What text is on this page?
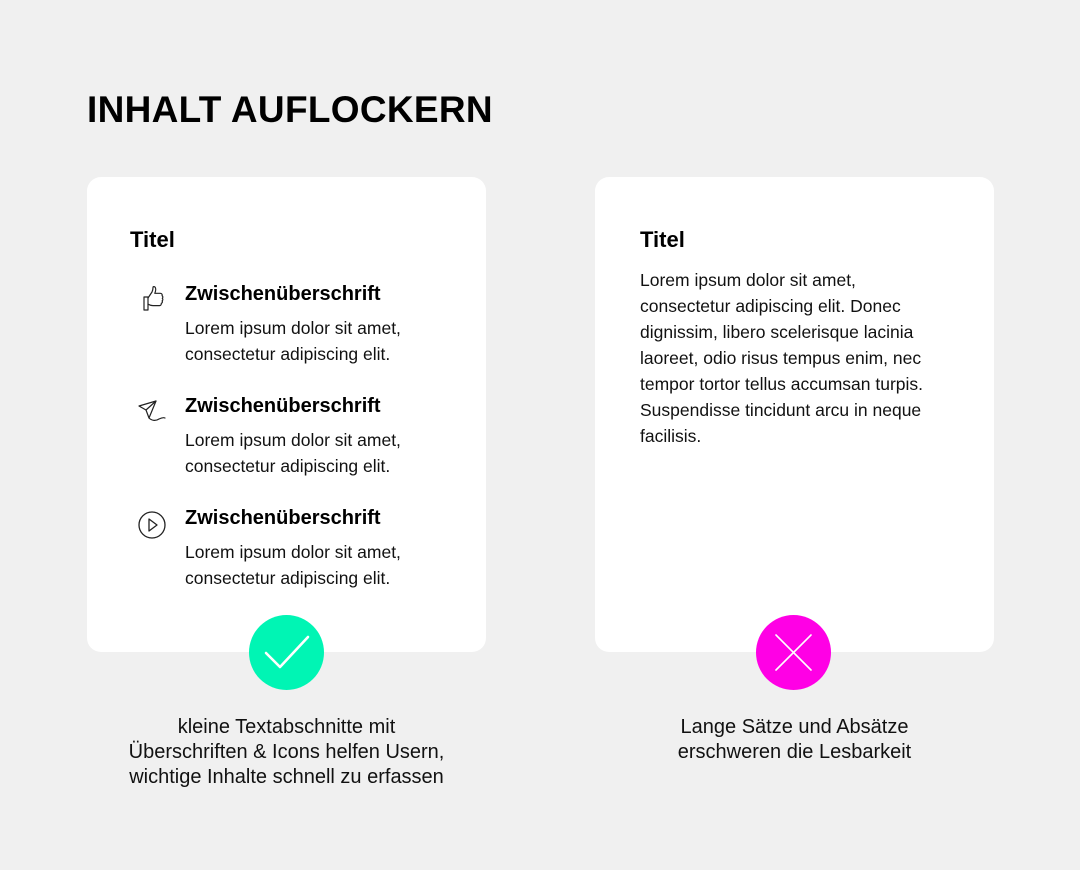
INHALT AUFLOCKERN
Titel
Zwischenüberschrift
Lorem ipsum dolor sit amet, consectetur adipiscing elit.
Zwischenüberschrift
Lorem ipsum dolor sit amet, consectetur adipiscing elit.
Zwischenüberschrift
Lorem ipsum dolor sit amet, consectetur adipiscing elit.
Titel

Lorem ipsum dolor sit amet, consectetur adipiscing elit. Donec dignissim, libero scelerisque lacinia laoreet, odio risus tempus enim, nec tempor tortor tellus accumsan turpis. Suspendisse tincidunt arcu in neque facilisis.

kleine Textabschnitte mit
Überschriften & Icons helfen Usern,
wichtige Inhalte schnell zu erfassen

Lange Sätze und Absätze
erschweren die Lesbarkeit
